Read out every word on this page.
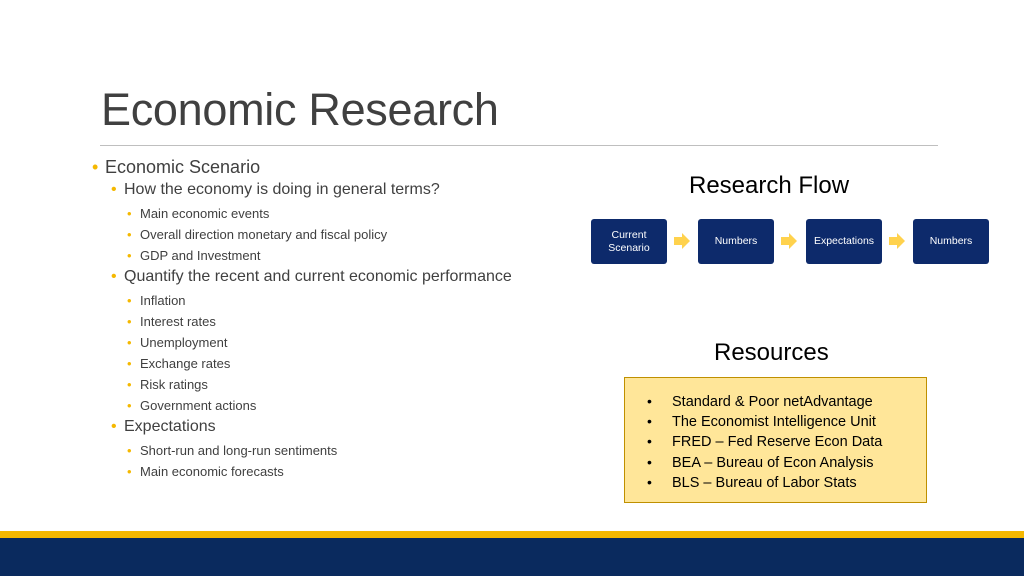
Economic Research
• Economic Scenario
• How the economy is doing in general terms?
• Main economic events
• Overall direction monetary and fiscal policy
• GDP and Investment
• Quantify the recent and current economic performance
• Inflation
• Interest rates
• Unemployment
• Exchange rates
• Risk ratings
• Government actions
• Expectations
• Short-run and long-run sentiments
• Main economic forecasts
Research Flow
Current Scenario
Numbers	Expectations	Numbers
Resources
• Standard & Poor netAdvantage
• The Economist Intelligence Unit
• FRED – Fed Reserve Econ Data
• BEA – Bureau of Econ Analysis
• BLS – Bureau of Labor Stats
